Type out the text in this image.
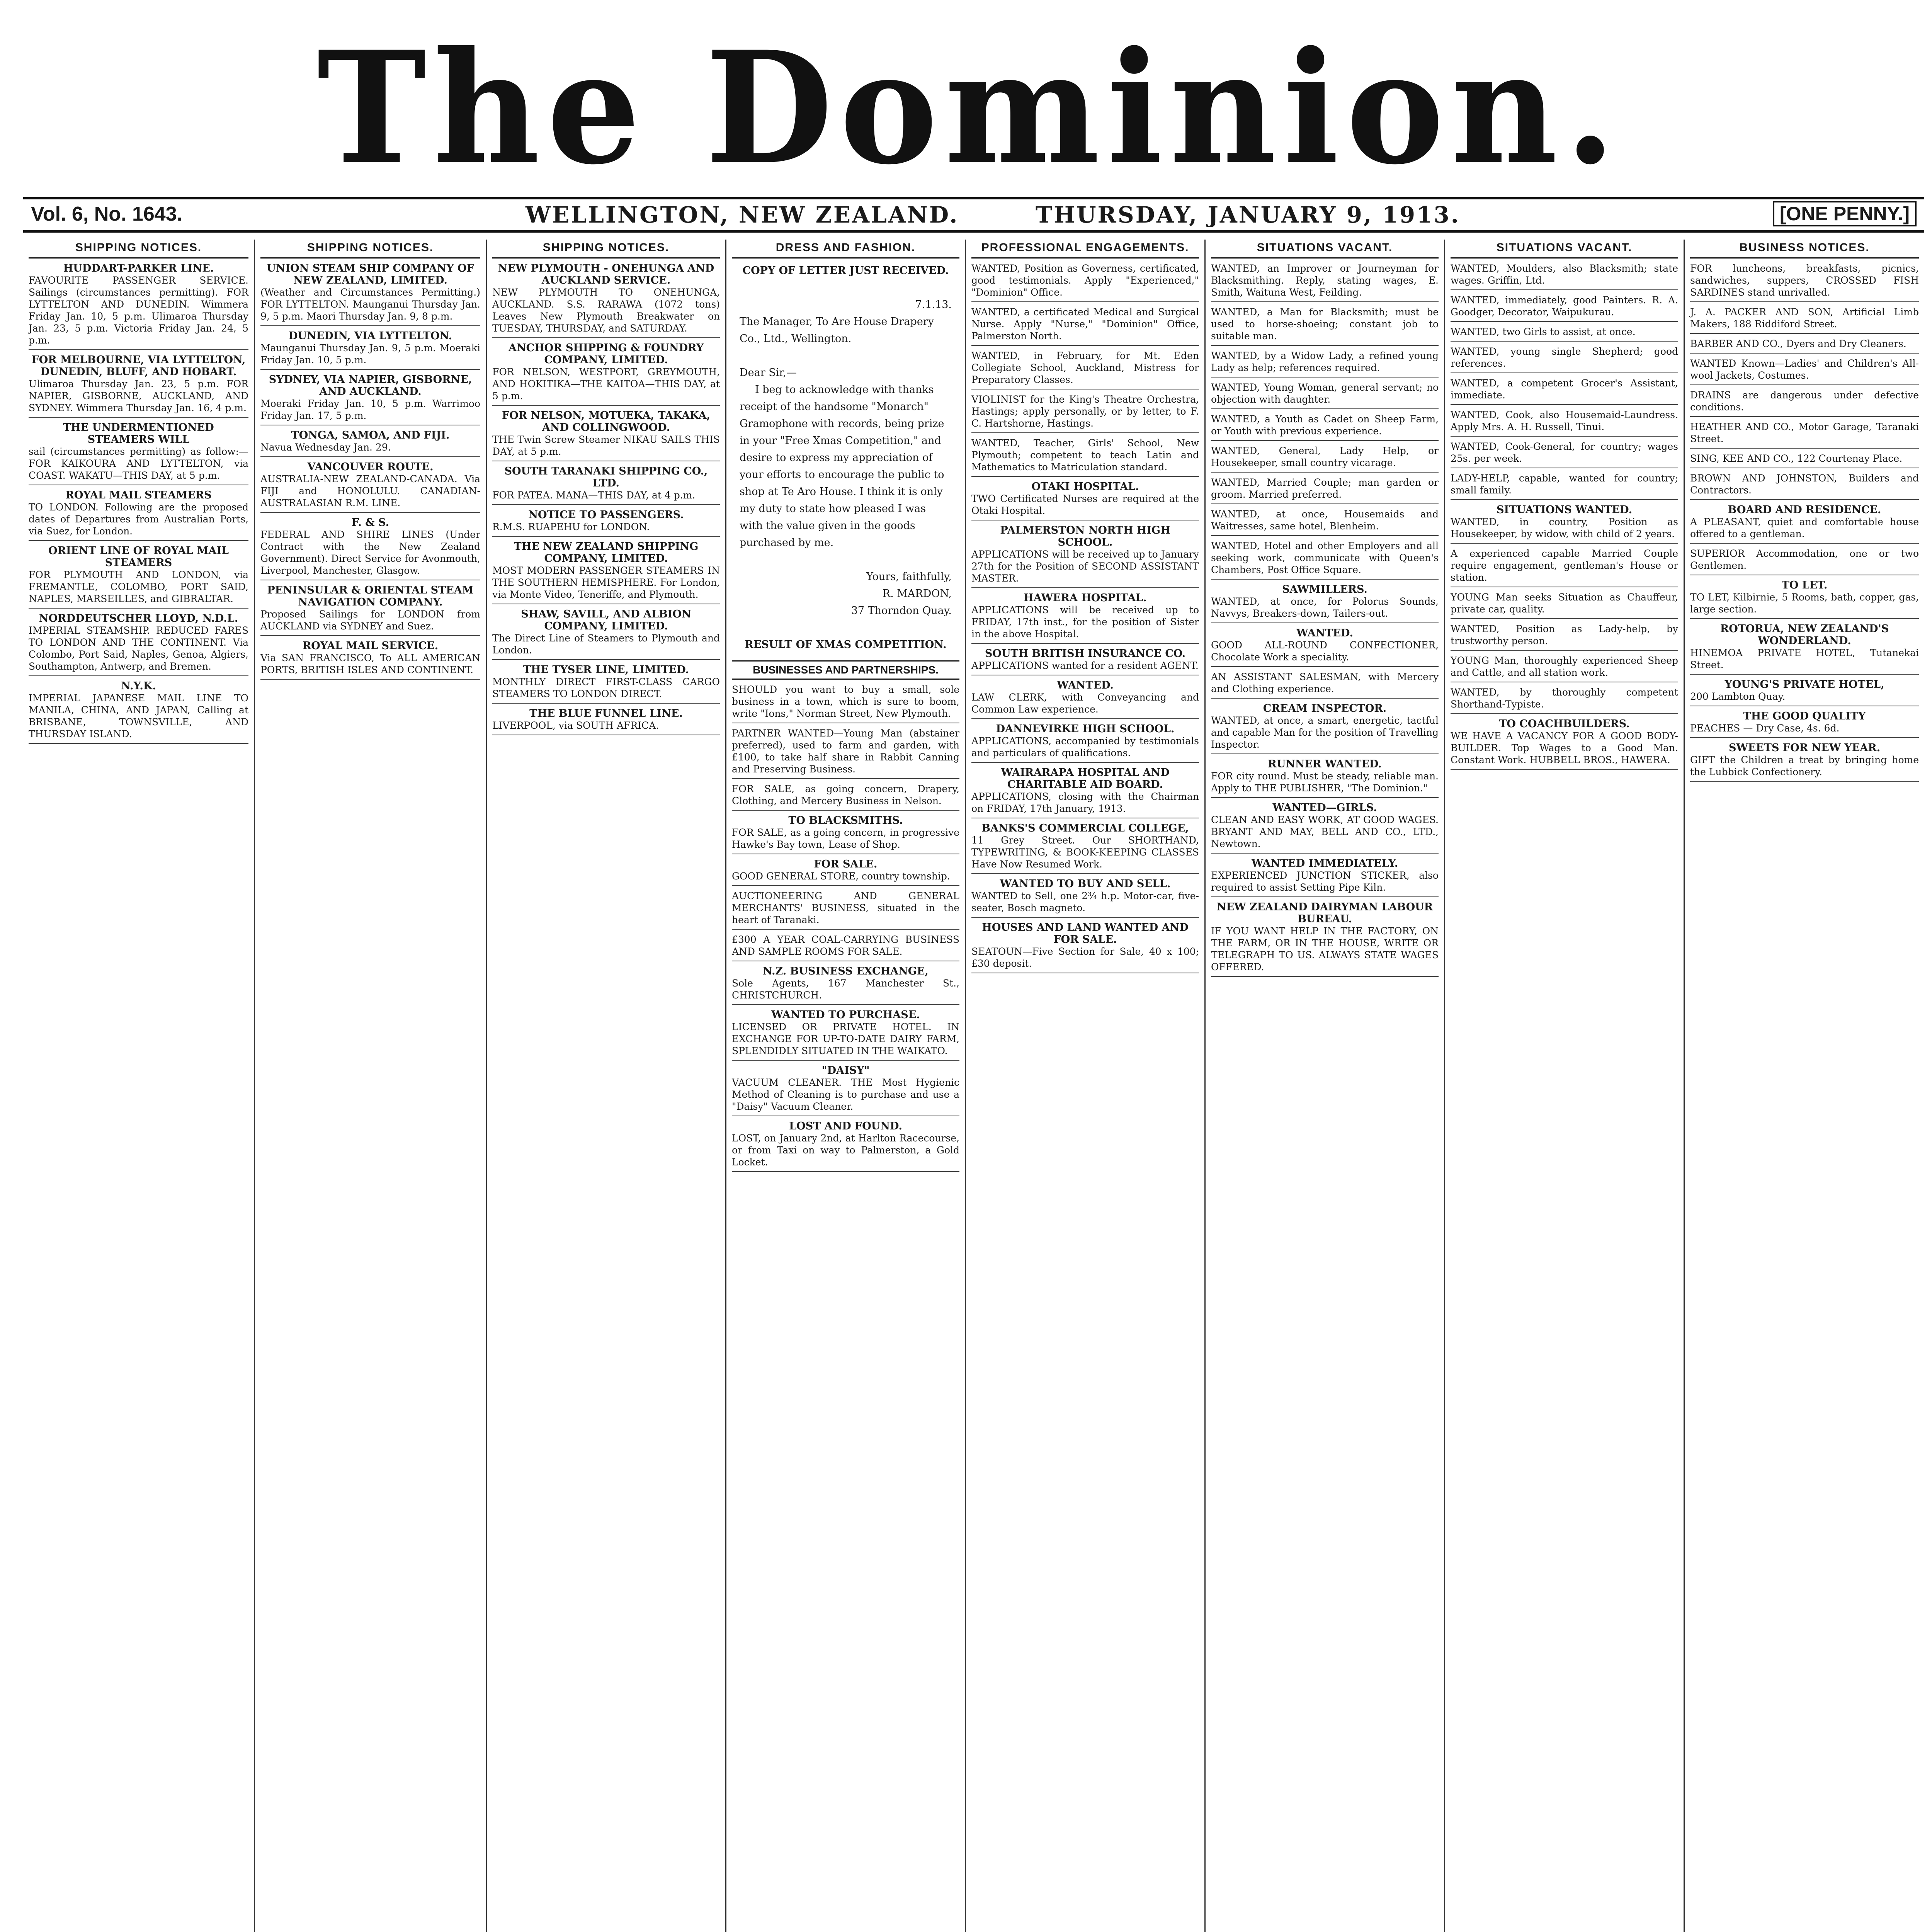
The Dominion.
Vol. 6, No. 1643.	WELLINGTON, NEW ZEALAND.	THURSDAY, JANUARY 9, 1913.	[ONE PENNY.]
SHIPPING NOTICES.
HUDDART-PARKER LINE.
FAVOURITE PASSENGER SERVICE. Sailings (circumstances permitting). FOR LYTTELTON AND DUNEDIN. Wimmera Friday Jan. 10, 5 p.m. Ulimaroa Thursday Jan. 23, 5 p.m. Victoria Friday Jan. 24, 5 p.m.
FOR MELBOURNE, VIA LYTTELTON, DUNEDIN, BLUFF, AND HOBART.
Ulimaroa Thursday Jan. 23, 5 p.m. FOR NAPIER, GISBORNE, AUCKLAND, AND SYDNEY. Wimmera Thursday Jan. 16, 4 p.m.
THE UNDERMENTIONED STEAMERS WILL
sail (circumstances permitting) as follow:— FOR KAIKOURA AND LYTTELTON, via COAST. WAKATU—THIS DAY, at 5 p.m.
ROYAL MAIL STEAMERS
TO LONDON. Following are the proposed dates of Departures from Australian Ports, via Suez, for London.
ORIENT LINE OF ROYAL MAIL STEAMERS
FOR PLYMOUTH AND LONDON, via FREMANTLE, COLOMBO, PORT SAID, NAPLES, MARSEILLES, and GIBRALTAR.
NORDDEUTSCHER LLOYD, N.D.L.
IMPERIAL STEAMSHIP. REDUCED FARES TO LONDON AND THE CONTINENT. Via Colombo, Port Said, Naples, Genoa, Algiers, Southampton, Antwerp, and Bremen.
N.Y.K.
IMPERIAL JAPANESE MAIL LINE TO MANILA, CHINA, AND JAPAN, Calling at BRISBANE, TOWNSVILLE, AND THURSDAY ISLAND.
SHIPPING NOTICES.
UNION STEAM SHIP COMPANY OF NEW ZEALAND, LIMITED.
(Weather and Circumstances Permitting.) FOR LYTTELTON. Maunganui Thursday Jan. 9, 5 p.m. Maori Thursday Jan. 9, 8 p.m.
DUNEDIN, VIA LYTTELTON.
Maunganui Thursday Jan. 9, 5 p.m. Moeraki Friday Jan. 10, 5 p.m.
SYDNEY, VIA NAPIER, GISBORNE, AND AUCKLAND.
Moeraki Friday Jan. 10, 5 p.m. Warrimoo Friday Jan. 17, 5 p.m.
TONGA, SAMOA, AND FIJI.
Navua Wednesday Jan. 29.
VANCOUVER ROUTE.
AUSTRALIA-NEW ZEALAND-CANADA. Via FIJI and HONOLULU. CANADIAN-AUSTRALASIAN R.M. LINE.
F. & S.
FEDERAL AND SHIRE LINES (Under Contract with the New Zealand Government). Direct Service for Avonmouth, Liverpool, Manchester, Glasgow.
PENINSULAR & ORIENTAL STEAM NAVIGATION COMPANY.
Proposed Sailings for LONDON from AUCKLAND via SYDNEY and Suez.
ROYAL MAIL SERVICE.
Via SAN FRANCISCO, To ALL AMERICAN PORTS, BRITISH ISLES AND CONTINENT.
SHIPPING NOTICES.
NEW PLYMOUTH - ONEHUNGA AND AUCKLAND SERVICE.
NEW PLYMOUTH TO ONEHUNGA, AUCKLAND. S.S. RARAWA (1072 tons) Leaves New Plymouth Breakwater on TUESDAY, THURSDAY, and SATURDAY.
ANCHOR SHIPPING & FOUNDRY COMPANY, LIMITED.
FOR NELSON, WESTPORT, GREYMOUTH, AND HOKITIKA—THE KAITOA—THIS DAY, at 5 p.m.
FOR NELSON, MOTUEKA, TAKAKA, AND COLLINGWOOD.
THE Twin Screw Steamer NIKAU SAILS THIS DAY, at 5 p.m.
SOUTH TARANAKI SHIPPING CO., LTD.
FOR PATEA. MANA—THIS DAY, at 4 p.m.
NOTICE TO PASSENGERS.
R.M.S. RUAPEHU for LONDON.
THE NEW ZEALAND SHIPPING COMPANY, LIMITED.
MOST MODERN PASSENGER STEAMERS IN THE SOUTHERN HEMISPHERE. For London, via Monte Video, Teneriffe, and Plymouth.
SHAW, SAVILL, AND ALBION COMPANY, LIMITED.
The Direct Line of Steamers to Plymouth and London.
THE TYSER LINE, LIMITED.
MONTHLY DIRECT FIRST-CLASS CARGO STEAMERS TO LONDON DIRECT.
THE BLUE FUNNEL LINE.
LIVERPOOL, via SOUTH AFRICA.
DRESS AND FASHION.
COPY OF LETTER JUST RECEIVED.

7.1.13.
The Manager, To Are House Drapery Co., Ltd., Wellington.

Dear Sir,—
I beg to acknowledge with thanks receipt of the handsome "Monarch" Gramophone with records, being prize in your "Free Xmas Competition," and desire to express my appreciation of your efforts to encourage the public to shop at Te Aro House. I think it is only my duty to state how pleased I was with the value given in the goods purchased by me.

Yours, faithfully,
R. MARDON,
37 Thorndon Quay.

RESULT OF XMAS COMPETITION.
BUSINESSES AND PARTNERSHIPS.
SHOULD you want to buy a small, sole business in a town, which is sure to boom, write "Ions," Norman Street, New Plymouth.
PARTNER WANTED—Young Man (abstainer preferred), used to farm and garden, with £100, to take half share in Rabbit Canning and Preserving Business.
FOR SALE, as going concern, Drapery, Clothing, and Mercery Business in Nelson.
TO BLACKSMITHS.
FOR SALE, as a going concern, in progressive Hawke's Bay town, Lease of Shop.
FOR SALE.
GOOD GENERAL STORE, country township.
AUCTIONEERING AND GENERAL MERCHANTS' BUSINESS, situated in the heart of Taranaki.
£300 A YEAR COAL-CARRYING BUSINESS AND SAMPLE ROOMS FOR SALE.
N.Z. BUSINESS EXCHANGE,
Sole Agents, 167 Manchester St., CHRISTCHURCH.
WANTED TO PURCHASE.
LICENSED OR PRIVATE HOTEL. IN EXCHANGE FOR UP-TO-DATE DAIRY FARM, SPLENDIDLY SITUATED IN THE WAIKATO.
"DAISY"
VACUUM CLEANER. THE Most Hygienic Method of Cleaning is to purchase and use a "Daisy" Vacuum Cleaner.
LOST AND FOUND.
LOST, on January 2nd, at Harlton Racecourse, or from Taxi on way to Palmerston, a Gold Locket.
PROFESSIONAL ENGAGEMENTS.
WANTED, Position as Governess, certificated, good testimonials. Apply "Experienced," "Dominion" Office.
WANTED, a certificated Medical and Surgical Nurse. Apply "Nurse," "Dominion" Office, Palmerston North.
WANTED, in February, for Mt. Eden Collegiate School, Auckland, Mistress for Preparatory Classes.
VIOLINIST for the King's Theatre Orchestra, Hastings; apply personally, or by letter, to F. C. Hartshorne, Hastings.
WANTED, Teacher, Girls' School, New Plymouth; competent to teach Latin and Mathematics to Matriculation standard.
OTAKI HOSPITAL.
TWO Certificated Nurses are required at the Otaki Hospital.
PALMERSTON NORTH HIGH SCHOOL.
APPLICATIONS will be received up to January 27th for the Position of SECOND ASSISTANT MASTER.
HAWERA HOSPITAL.
APPLICATIONS will be received up to FRIDAY, 17th inst., for the position of Sister in the above Hospital.
SOUTH BRITISH INSURANCE CO.
APPLICATIONS wanted for a resident AGENT.
WANTED.
LAW CLERK, with Conveyancing and Common Law experience.
DANNEVIRKE HIGH SCHOOL.
APPLICATIONS, accompanied by testimonials and particulars of qualifications.
WAIRARAPA HOSPITAL AND CHARITABLE AID BOARD.
APPLICATIONS, closing with the Chairman on FRIDAY, 17th January, 1913.
BANKS'S COMMERCIAL COLLEGE,
11 Grey Street. Our SHORTHAND, TYPEWRITING, & BOOK-KEEPING CLASSES Have Now Resumed Work.
WANTED TO BUY AND SELL.
WANTED to Sell, one 2¾ h.p. Motor-car, five-seater, Bosch magneto.
HOUSES AND LAND WANTED AND FOR SALE.
SEATOUN—Five Section for Sale, 40 x 100; £30 deposit.
SITUATIONS VACANT.
WANTED, an Improver or Journeyman for Blacksmithing. Reply, stating wages, E. Smith, Waituna West, Feilding.
WANTED, a Man for Blacksmith; must be used to horse-shoeing; constant job to suitable man.
WANTED, by a Widow Lady, a refined young Lady as help; references required.
WANTED, Young Woman, general servant; no objection with daughter.
WANTED, a Youth as Cadet on Sheep Farm, or Youth with previous experience.
WANTED, General, Lady Help, or Housekeeper, small country vicarage.
WANTED, Married Couple; man garden or groom. Married preferred.
WANTED, at once, Housemaids and Waitresses, same hotel, Blenheim.
WANTED, Hotel and other Employers and all seeking work, communicate with Queen's Chambers, Post Office Square.
SAWMILLERS.
WANTED, at once, for Polorus Sounds, Navvys, Breakers-down, Tailers-out.
WANTED.
GOOD ALL-ROUND CONFECTIONER, Chocolate Work a speciality.
AN ASSISTANT SALESMAN, with Mercery and Clothing experience.
CREAM INSPECTOR.
WANTED, at once, a smart, energetic, tactful and capable Man for the position of Travelling Inspector.
RUNNER WANTED.
FOR city round. Must be steady, reliable man. Apply to THE PUBLISHER, "The Dominion."
WANTED—GIRLS.
CLEAN AND EASY WORK, AT GOOD WAGES. BRYANT AND MAY, BELL AND CO., LTD., Newtown.
WANTED IMMEDIATELY.
EXPERIENCED JUNCTION STICKER, also required to assist Setting Pipe Kiln.
NEW ZEALAND DAIRYMAN LABOUR BUREAU.
IF YOU WANT HELP IN THE FACTORY, ON THE FARM, OR IN THE HOUSE, WRITE OR TELEGRAPH TO US. ALWAYS STATE WAGES OFFERED.
SITUATIONS VACANT.
WANTED, Moulders, also Blacksmith; state wages. Griffin, Ltd.
WANTED, immediately, good Painters. R. A. Goodger, Decorator, Waipukurau.
WANTED, two Girls to assist, at once.
WANTED, young single Shepherd; good references.
WANTED, a competent Grocer's Assistant, immediate.
WANTED, Cook, also Housemaid-Laundress. Apply Mrs. A. H. Russell, Tinui.
WANTED, Cook-General, for country; wages 25s. per week.
LADY-HELP, capable, wanted for country; small family.
SITUATIONS WANTED.
WANTED, in country, Position as Housekeeper, by widow, with child of 2 years.
A experienced capable Married Couple require engagement, gentleman's House or station.
YOUNG Man seeks Situation as Chauffeur, private car, quality.
WANTED, Position as Lady-help, by trustworthy person.
YOUNG Man, thoroughly experienced Sheep and Cattle, and all station work.
WANTED, by thoroughly competent Shorthand-Typiste.
TO COACHBUILDERS.
WE HAVE A VACANCY FOR A GOOD BODY-BUILDER. Top Wages to a Good Man. Constant Work. HUBBELL BROS., HAWERA.
BUSINESS NOTICES.
FOR luncheons, breakfasts, picnics, sandwiches, suppers, CROSSED FISH SARDINES stand unrivalled.
J. A. PACKER AND SON, Artificial Limb Makers, 188 Riddiford Street.
BARBER AND CO., Dyers and Dry Cleaners.
WANTED Known—Ladies' and Children's All-wool Jackets, Costumes.
DRAINS are dangerous under defective conditions.
HEATHER AND CO., Motor Garage, Taranaki Street.
SING, KEE AND CO., 122 Courtenay Place.
BROWN AND JOHNSTON, Builders and Contractors.
BOARD AND RESIDENCE.
A PLEASANT, quiet and comfortable house offered to a gentleman.
SUPERIOR Accommodation, one or two Gentlemen.
TO LET.
TO LET, Kilbirnie, 5 Rooms, bath, copper, gas, large section.
ROTORUA, NEW ZEALAND'S WONDERLAND.
HINEMOA PRIVATE HOTEL, Tutanekai Street.
YOUNG'S PRIVATE HOTEL,
200 Lambton Quay.
THE GOOD QUALITY
PEACHES — Dry Case, 4s. 6d.
SWEETS FOR NEW YEAR.
GIFT the Children a treat by bringing home the Lubbick Confectionery.
